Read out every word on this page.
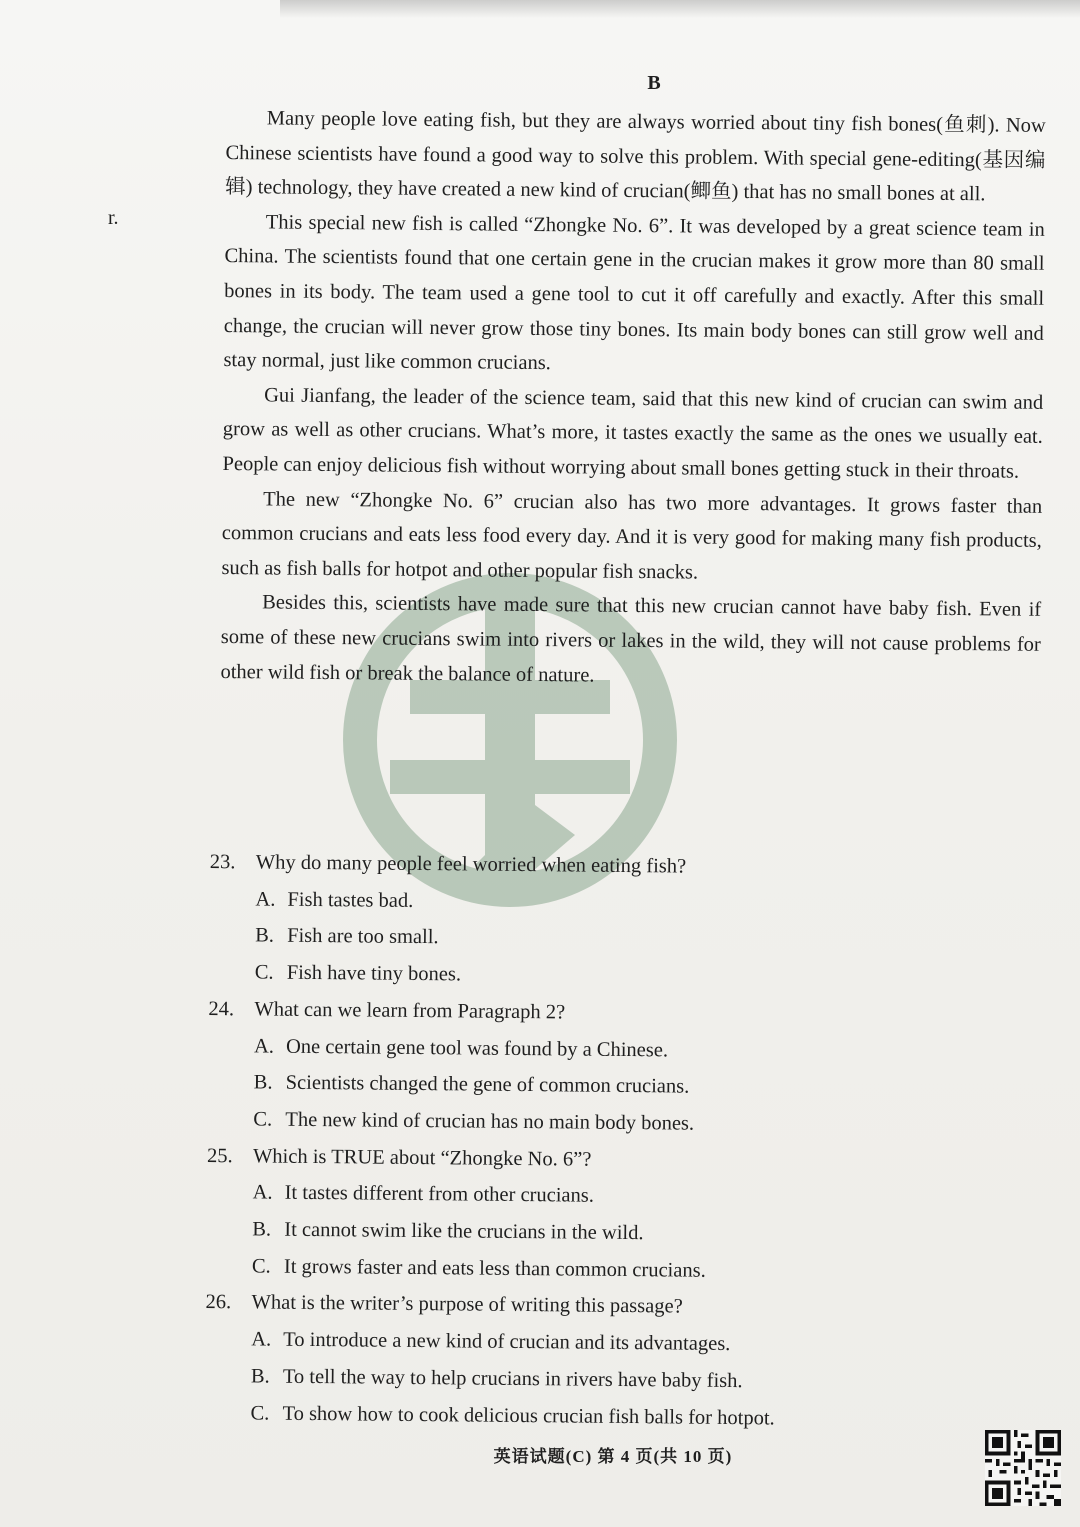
B
r.

Many people love eating fish, but they are always worried about tiny fish bones(鱼刺). Now Chinese scientists have found a good way to solve this problem. With special gene-editing(基因编辑) technology, they have created a new kind of crucian(鲫鱼) that has no small bones at all.

This special new fish is called “Zhongke No. 6”. It was developed by a great science team in China. The scientists found that one certain gene in the crucian makes it grow more than 80 small bones in its body. The team used a gene tool to cut it off carefully and exactly. After this small change, the crucian will never grow those tiny bones. Its main body bones can still grow well and stay normal, just like common crucians.

Gui Jianfang, the leader of the science team, said that this new kind of crucian can swim and grow as well as other crucians. What’s more, it tastes exactly the same as the ones we usually eat. People can enjoy delicious fish without worrying about small bones getting stuck in their throats.

The new “Zhongke No. 6” crucian also has two more advantages. It grows faster than common crucians and eats less food every day. And it is very good for making many fish products, such as fish balls for hotpot and other popular fish snacks.

Besides this, scientists have made sure that this new crucian cannot have baby fish. Even if some of these new crucians swim into rivers or lakes in the wild, they will not cause problems for other wild fish or break the balance of nature.

23. Why do many people feel worried when eating fish?
A. Fish tastes bad.
B. Fish are too small.
C. Fish have tiny bones.
24. What can we learn from Paragraph 2?
A. One certain gene tool was found by a Chinese.
B. Scientists changed the gene of common crucians.
C. The new kind of crucian has no main body bones.
25. Which is TRUE about “Zhongke No. 6”?
A. It tastes different from other crucians.
B. It cannot swim like the crucians in the wild.
C. It grows faster and eats less than common crucians.
26. What is the writer’s purpose of writing this passage?
A. To introduce a new kind of crucian and its advantages.
B. To tell the way to help crucians in rivers have baby fish.
C. To show how to cook delicious crucian fish balls for hotpot.
英语试题(C) 第 4 页(共 10 页)
